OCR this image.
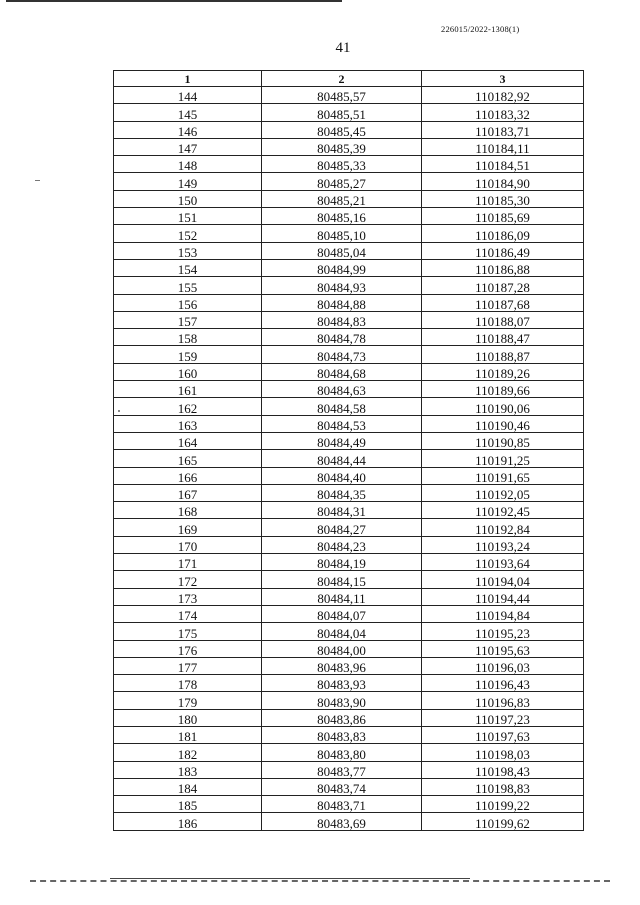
226015/2022-1308(1)
41
1	2	3
144	80485,57	110182,92
145	80485,51	110183,32
146	80485,45	110183,71
147	80485,39	110184,11
148	80485,33	110184,51
149	80485,27	110184,90
150	80485,21	110185,30
151	80485,16	110185,69
152	80485,10	110186,09
153	80485,04	110186,49
154	80484,99	110186,88
155	80484,93	110187,28
156	80484,88	110187,68
157	80484,83	110188,07
158	80484,78	110188,47
159	80484,73	110188,87
160	80484,68	110189,26
161	80484,63	110189,66
162	80484,58	110190,06
163	80484,53	110190,46
164	80484,49	110190,85
165	80484,44	110191,25
166	80484,40	110191,65
167	80484,35	110192,05
168	80484,31	110192,45
169	80484,27	110192,84
170	80484,23	110193,24
171	80484,19	110193,64
172	80484,15	110194,04
173	80484,11	110194,44
174	80484,07	110194,84
175	80484,04	110195,23
176	80484,00	110195,63
177	80483,96	110196,03
178	80483,93	110196,43
179	80483,90	110196,83
180	80483,86	110197,23
181	80483,83	110197,63
182	80483,80	110198,03
183	80483,77	110198,43
184	80483,74	110198,83
185	80483,71	110199,22
186	80483,69	110199,62
